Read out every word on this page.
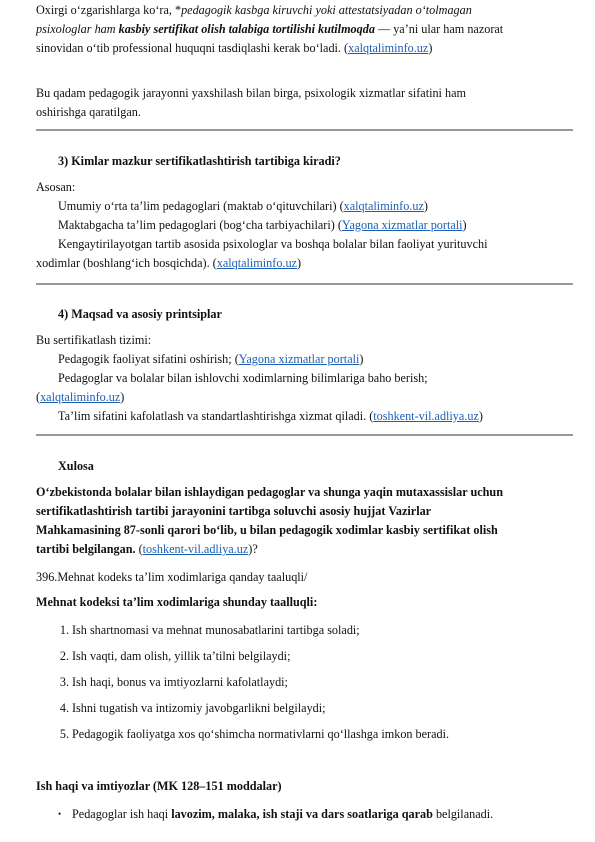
Oxirgi o‘zgarishlarga ko‘ra, *pedagogik kasbga kiruvchi yoki attestatsiyadan o‘tolmagan
psixologlar ham kasbiy sertifikat olish talabiga tortilishi kutilmoqda — ya’ni ular ham nazorat
sinovidan o‘tib professional huquqni tasdiqlashi kerak bo‘ladi. (xalqtaliminfo.uz)
Bu qadam pedagogik jarayonni yaxshilash bilan birga, psixologik xizmatlar sifatini ham
oshirishga qaratilgan.
3) Kimlar mazkur sertifikatlashtirish tartibiga kiradi?
Asosan:
Umumiy o‘rta ta’lim pedagoglari (maktab o‘qituvchilari) (xalqtaliminfo.uz)
Maktabgacha ta’lim pedagoglari (bog‘cha tarbiyachilari) (Yagona xizmatlar portali)
Kengaytirilayotgan tartib asosida psixologlar va boshqa bolalar bilan faoliyat yurituvchi
xodimlar (boshlang‘ich bosqichda). (xalqtaliminfo.uz)
4) Maqsad va asosiy printsiplar
Bu sertifikatlash tizimi:
Pedagogik faoliyat sifatini oshirish; (Yagona xizmatlar portali)
Pedagoglar va bolalar bilan ishlovchi xodimlarning bilimlariga baho berish;
(xalqtaliminfo.uz)
Ta’lim sifatini kafolatlash va standartlashtirishga xizmat qiladi. (toshkent-vil.adliya.uz)
Xulosa
O‘zbekistonda bolalar bilan ishlaydigan pedagoglar va shunga yaqin mutaxassislar uchun
sertifikatlashtirish tartibi jarayonini tartibga soluvchi asosiy hujjat Vazirlar
Mahkamasining 87-sonli qarori bo‘lib, u bilan pedagogik xodimlar kasbiy sertifikat olish
tartibi belgilangan. (toshkent-vil.adliya.uz)?
396.Mehnat kodeks ta’lim xodimlariga qanday taaluqli/
Mehnat kodeksi ta’lim xodimlariga shunday taalluqli:
1. Ish shartnomasi va mehnat munosabatlarini tartibga soladi;
2. Ish vaqti, dam olish, yillik ta’tilni belgilaydi;
3. Ish haqi, bonus va imtiyozlarni kafolatlaydi;
4. Ishni tugatish va intizomiy javobgarlikni belgilaydi;
5. Pedagogik faoliyatga xos qo‘shimcha normativlarni qo‘llashga imkon beradi.
Ish haqi va imtiyozlar (MK 128–151 moddalar)
• Pedagoglar ish haqi lavozim, malaka, ish staji va dars soatlariga qarab belgilanadi.
